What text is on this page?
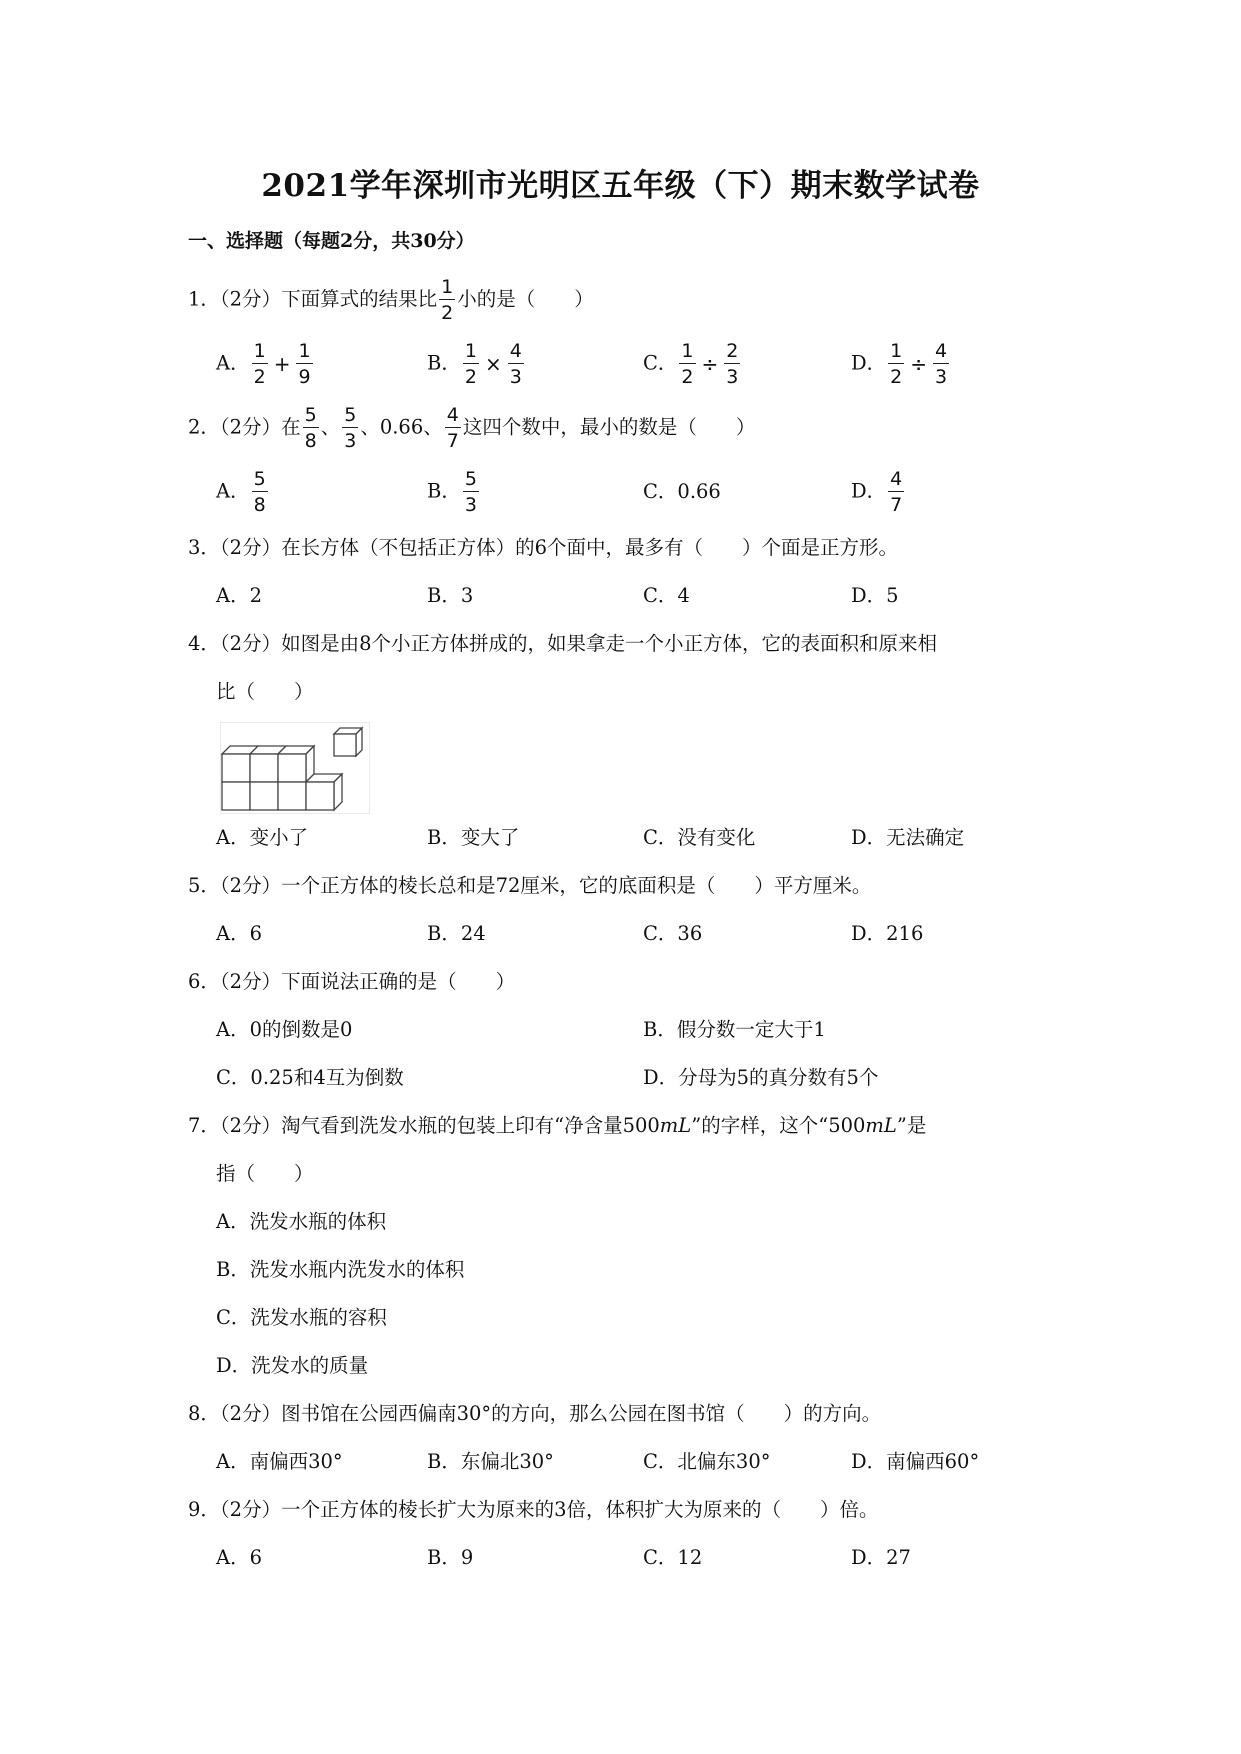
2021学年深圳市光明区五年级（下）期末数学试卷
一、选择题（每题2分，共30分）
1．（2分）下面算式的结果比 $\frac{1}{2}$ 小的是（　　）
A． $\frac{1}{2} + \frac{1}{9}$	B． $\frac{1}{2} \times \frac{4}{3}$	C． $\frac{1}{2} \div \frac{2}{3}$	D． $\frac{1}{2} \div \frac{4}{3}$
2．（2分）在 $\frac{5}{8}$ 、 $\frac{5}{3}$ 、0.66、 $\frac{4}{7}$ 这四个数中，最小的数是（　　）
A． $\frac{5}{8}$	B． $\frac{5}{3}$	C．0.66	D． $\frac{4}{7}$
3．（2分）在长方体（不包括正方体）的6个面中，最多有（　　）个面是正方形。
A．2	B．3	C．4	D．5
4．（2分）如图是由8个小正方体拼成的，如果拿走一个小正方体，它的表面积和原来相
比（　　）
A．变小了	B．变大了	C．没有变化	D．无法确定
5．（2分）一个正方体的棱长总和是72厘米，它的底面积是（　　）平方厘米。
A．6	B．24	C．36	D．216
6．（2分）下面说法正确的是（　　）
A．0的倒数是0	B．假分数一定大于1
C．0.25和4互为倒数	D．分母为5的真分数有5个
7．（2分）淘气看到洗发水瓶的包装上印有“净含量500mL”的字样，这个“500mL”是
指（　　）
A．洗发水瓶的体积
B．洗发水瓶内洗发水的体积
C．洗发水瓶的容积
D．洗发水的质量
8．（2分）图书馆在公园西偏南30°的方向，那么公园在图书馆（　　）的方向。
A．南偏西30°	B．东偏北30°	C．北偏东30°	D．南偏西60°
9．（2分）一个正方体的棱长扩大为原来的3倍，体积扩大为原来的（　　）倍。
A．6	B．9	C．12	D．27
